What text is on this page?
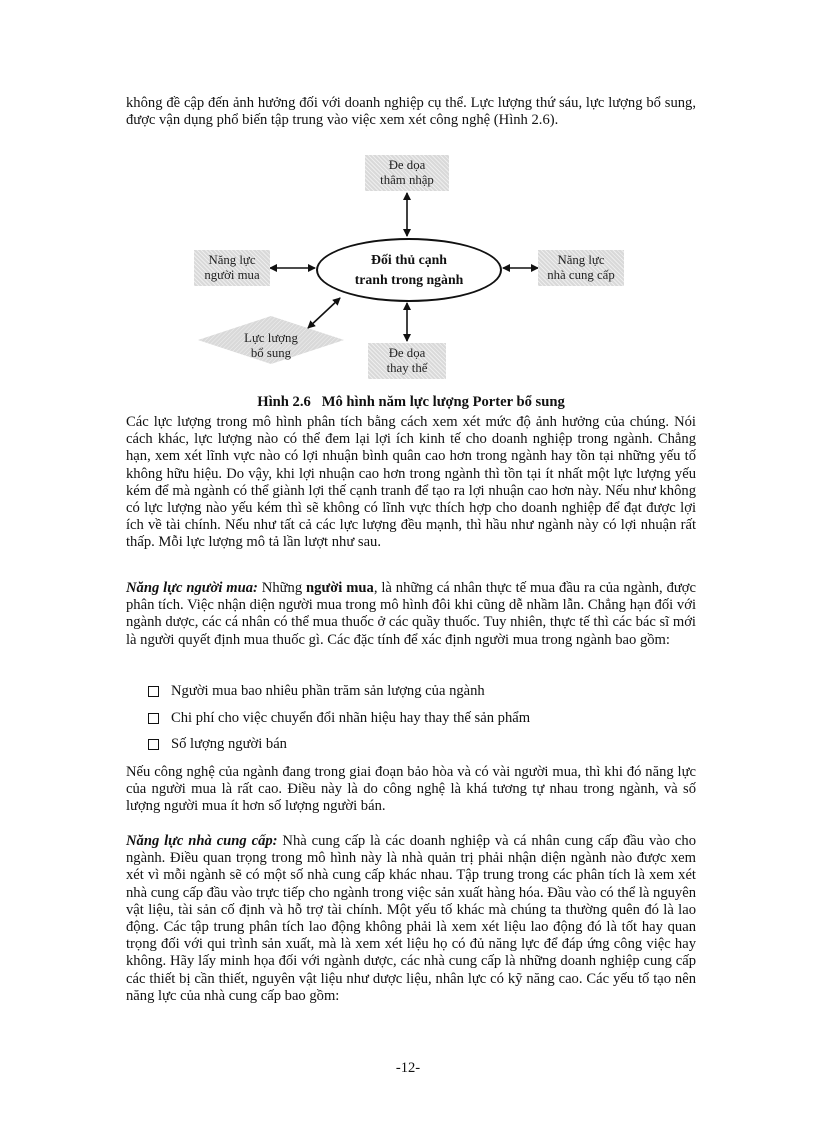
không đề cập đến ảnh hưởng đối với doanh nghiệp cụ thể. Lực lượng thứ sáu, lực lượng bổ sung, được vận dụng phổ biến tập trung vào việc xem xét công nghệ (Hình 2.6).

Đe dọa
thâm nhập
Năng lực
người mua
Đối thủ cạnh
tranh trong ngành
Năng lực
nhà cung cấp
Lực lượng
bổ sung	Đe dọa
thay thế
Hình 2.6   Mô hình năm lực lượng Porter bổ sung

Các lực lượng trong mô hình phân tích bằng cách xem xét mức độ ảnh hưởng của chúng. Nói cách khác, lực lượng nào có thể đem lại lợi ích kinh tế cho doanh nghiệp trong ngành. Chẳng hạn, xem xét lĩnh vực nào có lợi nhuận bình quân cao hơn trong ngành hay tồn tại những yếu tố không hữu hiệu. Do vậy, khi lợi nhuận cao hơn trong ngành thì tồn tại ít nhất một lực lượng yếu kém để mà ngành có thể giành lợi thế cạnh tranh để tạo ra lợi nhuận cao hơn này. Nếu như không có lực lượng nào yếu kém thì sẽ không có lĩnh vực thích hợp cho doanh nghiệp để đạt được lợi ích về tài chính. Nếu như tất cả các lực lượng đều mạnh, thì hầu như ngành này có lợi nhuận rất thấp. Mỗi lực lượng mô tả lần lượt như sau.

Năng lực người mua: Những người mua, là những cá nhân thực tế mua đầu ra của ngành, được phân tích. Việc nhận diện người mua trong mô hình đôi khi cũng dễ nhầm lẫn. Chẳng hạn đối với ngành dược, các cá nhân có thể mua thuốc ở các quầy thuốc. Tuy nhiên, thực tế thì các bác sĩ mới là người quyết định mua thuốc gì. Các đặc tính để xác định người mua trong ngành bao gồm:

Người mua bao nhiêu phần trăm sản lượng của ngành
Chi phí cho việc chuyển đổi nhãn hiệu hay thay thế sản phẩm
Số lượng người bán

Nếu công nghệ của ngành đang trong giai đoạn bảo hòa và có vài người mua, thì khi đó năng lực của người mua là rất cao. Điều này là do công nghệ là khá tương tự nhau trong ngành, và số lượng người mua ít hơn số lượng người bán.

Năng lực nhà cung cấp: Nhà cung cấp là các doanh nghiệp và cá nhân cung cấp đầu vào cho ngành. Điều quan trọng trong mô hình này là nhà quản trị phải nhận diện ngành nào được xem xét vì mỗi ngành sẽ có một số nhà cung cấp khác nhau. Tập trung trong các phân tích là xem xét nhà cung cấp đầu vào trực tiếp cho ngành trong việc sản xuất hàng hóa. Đầu vào có thể là nguyên vật liệu, tài sản cố định và hỗ trợ tài chính. Một yếu tố khác mà chúng ta thường quên đó là lao động. Các tập trung phân tích lao động không phải là xem xét liệu lao động đó là tốt hay quan trọng đối với qui trình sản xuất, mà là xem xét liệu họ có đủ năng lực để đáp ứng công việc hay không. Hãy lấy minh họa đối với ngành dược, các nhà cung cấp là những doanh nghiệp cung cấp các thiết bị cần thiết, nguyên vật liệu như dược liệu, nhân lực có kỹ năng cao. Các yếu tố tạo nên năng lực của nhà cung cấp bao gồm:

-12-
